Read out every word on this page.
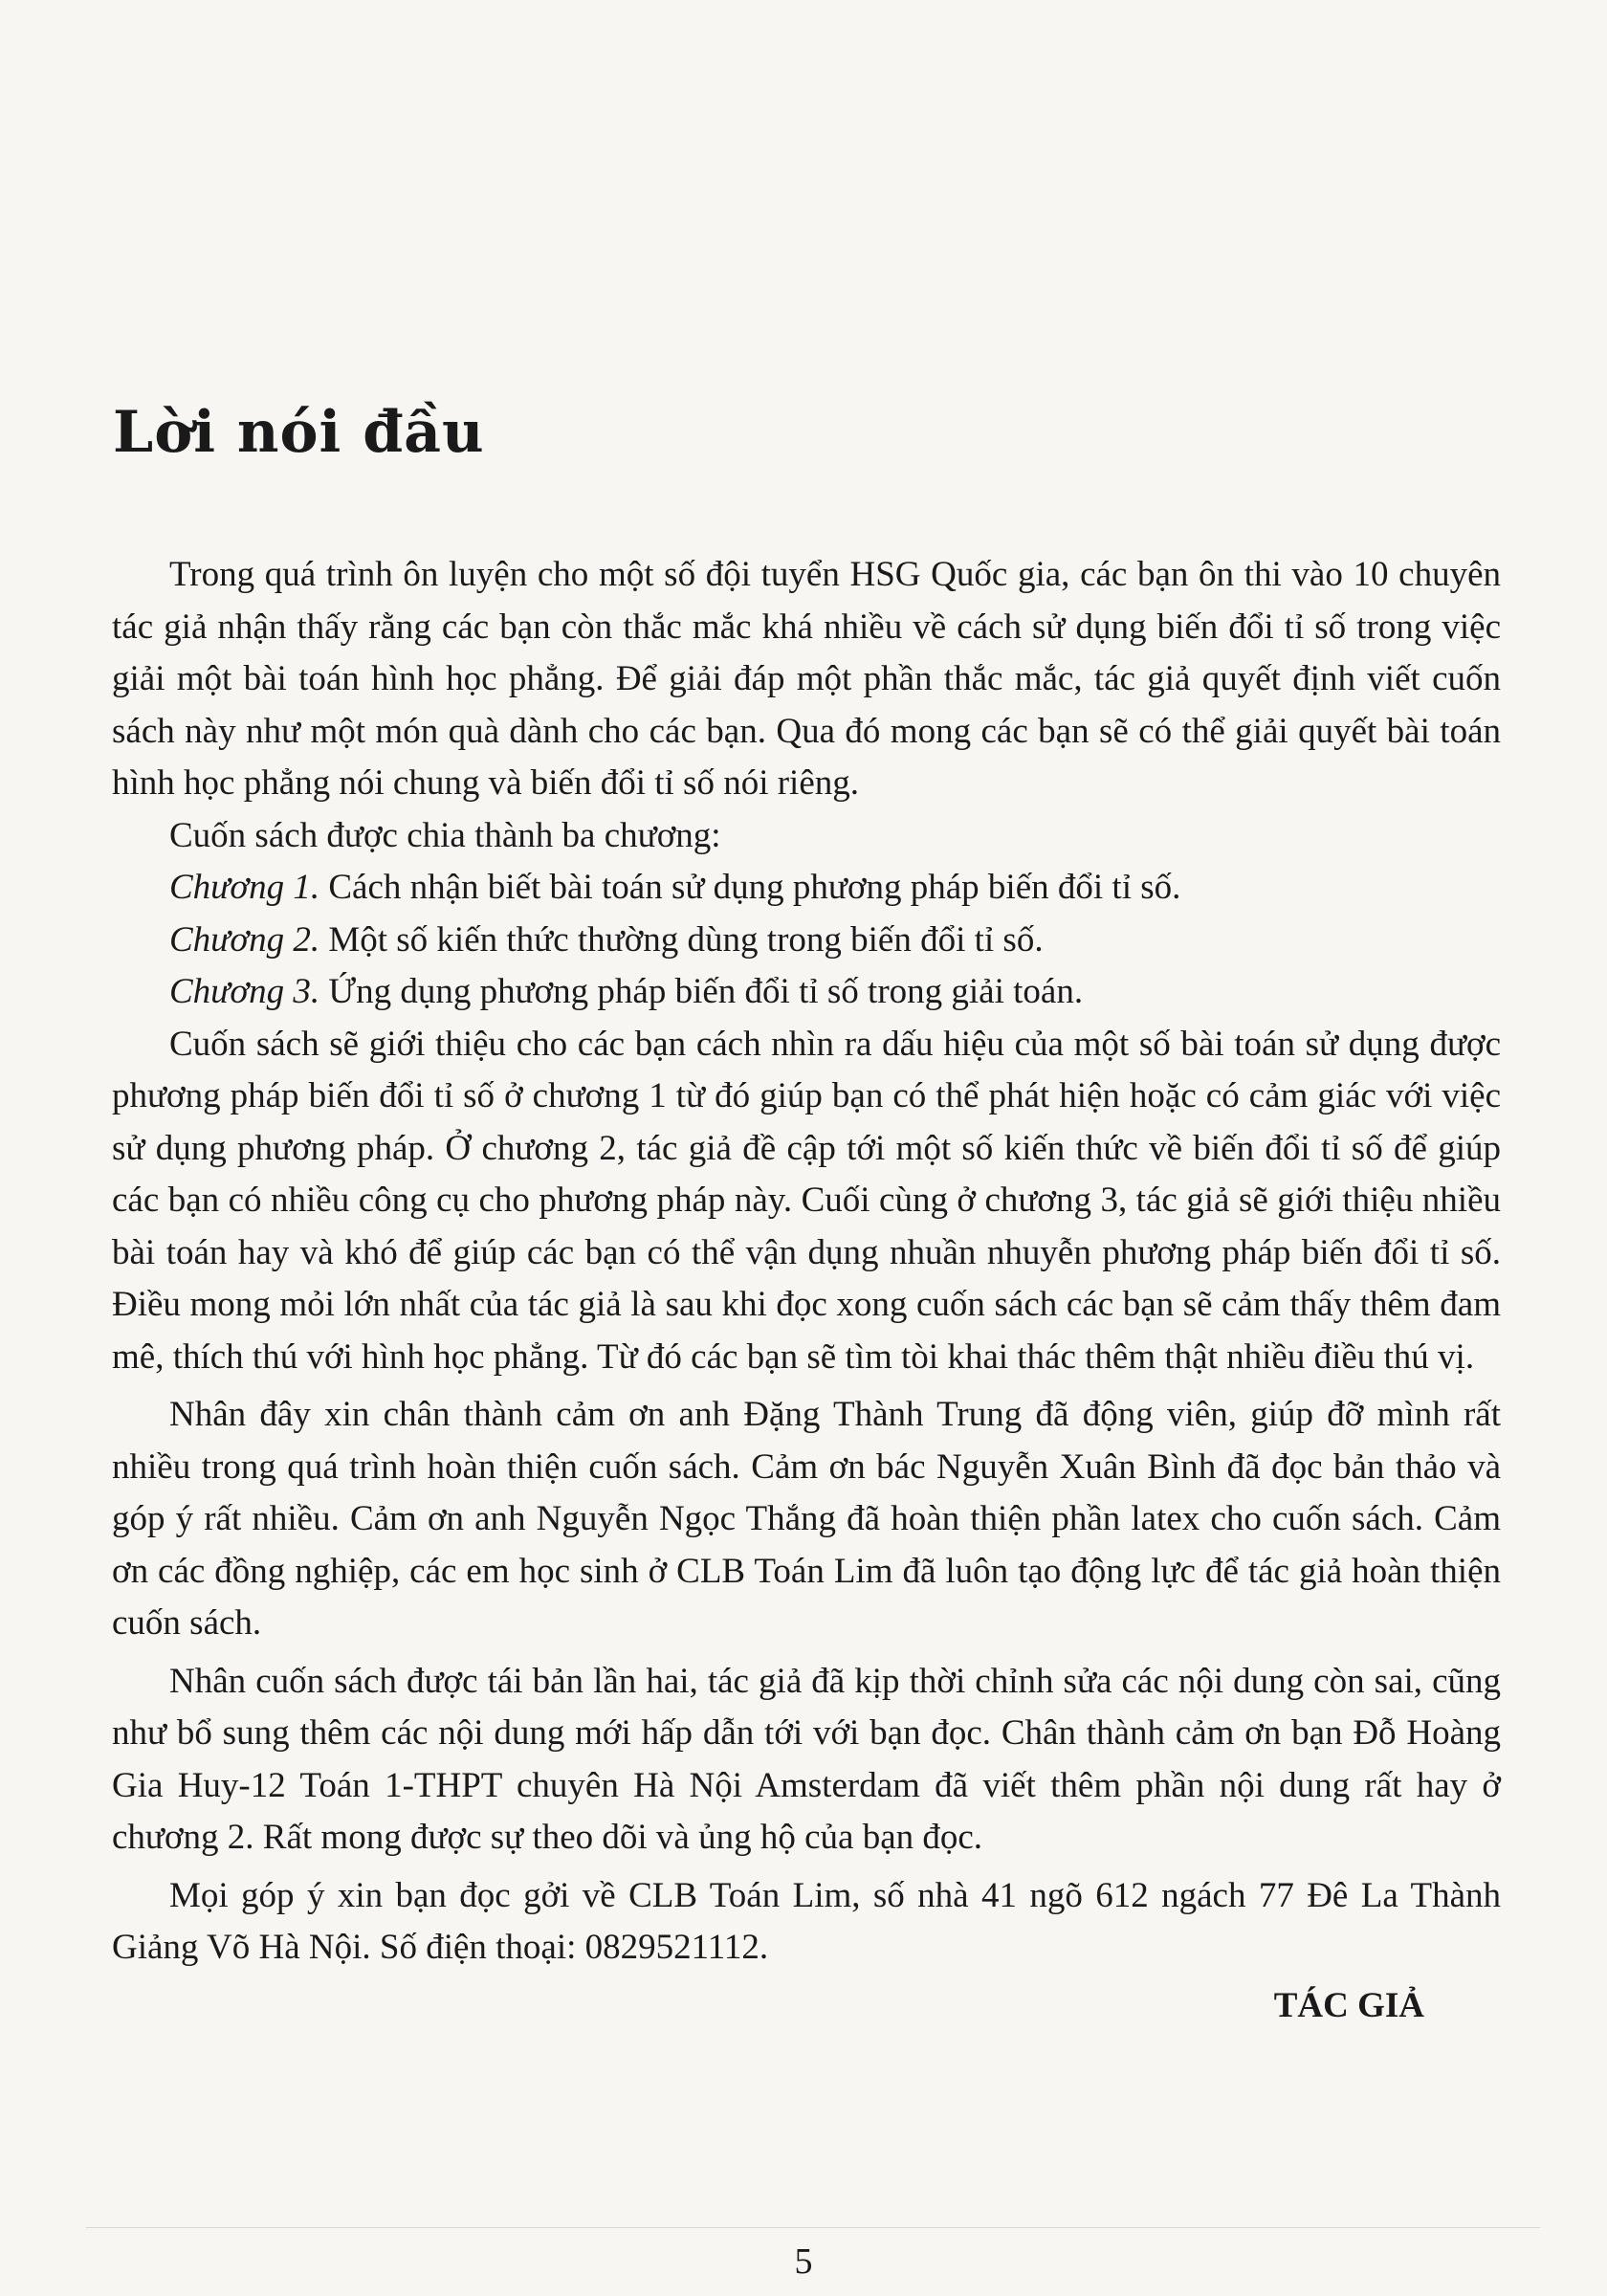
Lời nói đầu

Trong quá trình ôn luyện cho một số đội tuyển HSG Quốc gia, các bạn ôn thi vào 10 chuyên tác giả nhận thấy rằng các bạn còn thắc mắc khá nhiều về cách sử dụng biến đổi tỉ số trong việc giải một bài toán hình học phẳng. Để giải đáp một phần thắc mắc, tác giả quyết định viết cuốn sách này như một món quà dành cho các bạn. Qua đó mong các bạn sẽ có thể giải quyết bài toán hình học phẳng nói chung và biến đổi tỉ số nói riêng.

Cuốn sách được chia thành ba chương:

Chương 1. Cách nhận biết bài toán sử dụng phương pháp biến đổi tỉ số.

Chương 2. Một số kiến thức thường dùng trong biến đổi tỉ số.

Chương 3. Ứng dụng phương pháp biến đổi tỉ số trong giải toán.

Cuốn sách sẽ giới thiệu cho các bạn cách nhìn ra dấu hiệu của một số bài toán sử dụng được phương pháp biến đổi tỉ số ở chương 1 từ đó giúp bạn có thể phát hiện hoặc có cảm giác với việc sử dụng phương pháp. Ở chương 2, tác giả đề cập tới một số kiến thức về biến đổi tỉ số để giúp các bạn có nhiều công cụ cho phương pháp này. Cuối cùng ở chương 3, tác giả sẽ giới thiệu nhiều bài toán hay và khó để giúp các bạn có thể vận dụng nhuần nhuyễn phương pháp biến đổi tỉ số. Điều mong mỏi lớn nhất của tác giả là sau khi đọc xong cuốn sách các bạn sẽ cảm thấy thêm đam mê, thích thú với hình học phẳng. Từ đó các bạn sẽ tìm tòi khai thác thêm thật nhiều điều thú vị.

Nhân đây xin chân thành cảm ơn anh Đặng Thành Trung đã động viên, giúp đỡ mình rất nhiều trong quá trình hoàn thiện cuốn sách. Cảm ơn bác Nguyễn Xuân Bình đã đọc bản thảo và góp ý rất nhiều. Cảm ơn anh Nguyễn Ngọc Thắng đã hoàn thiện phần latex cho cuốn sách. Cảm ơn các đồng nghiệp, các em học sinh ở CLB Toán Lim đã luôn tạo động lực để tác giả hoàn thiện cuốn sách.

Nhân cuốn sách được tái bản lần hai, tác giả đã kịp thời chỉnh sửa các nội dung còn sai, cũng như bổ sung thêm các nội dung mới hấp dẫn tới với bạn đọc. Chân thành cảm ơn bạn Đỗ Hoàng Gia Huy-12 Toán 1-THPT chuyên Hà Nội Amsterdam đã viết thêm phần nội dung rất hay ở chương 2. Rất mong được sự theo dõi và ủng hộ của bạn đọc.

Mọi góp ý xin bạn đọc gởi về CLB Toán Lim, số nhà 41 ngõ 612 ngách 77 Đê La Thành Giảng Võ Hà Nội. Số điện thoại: 0829521112.

TÁC GIẢ

5
